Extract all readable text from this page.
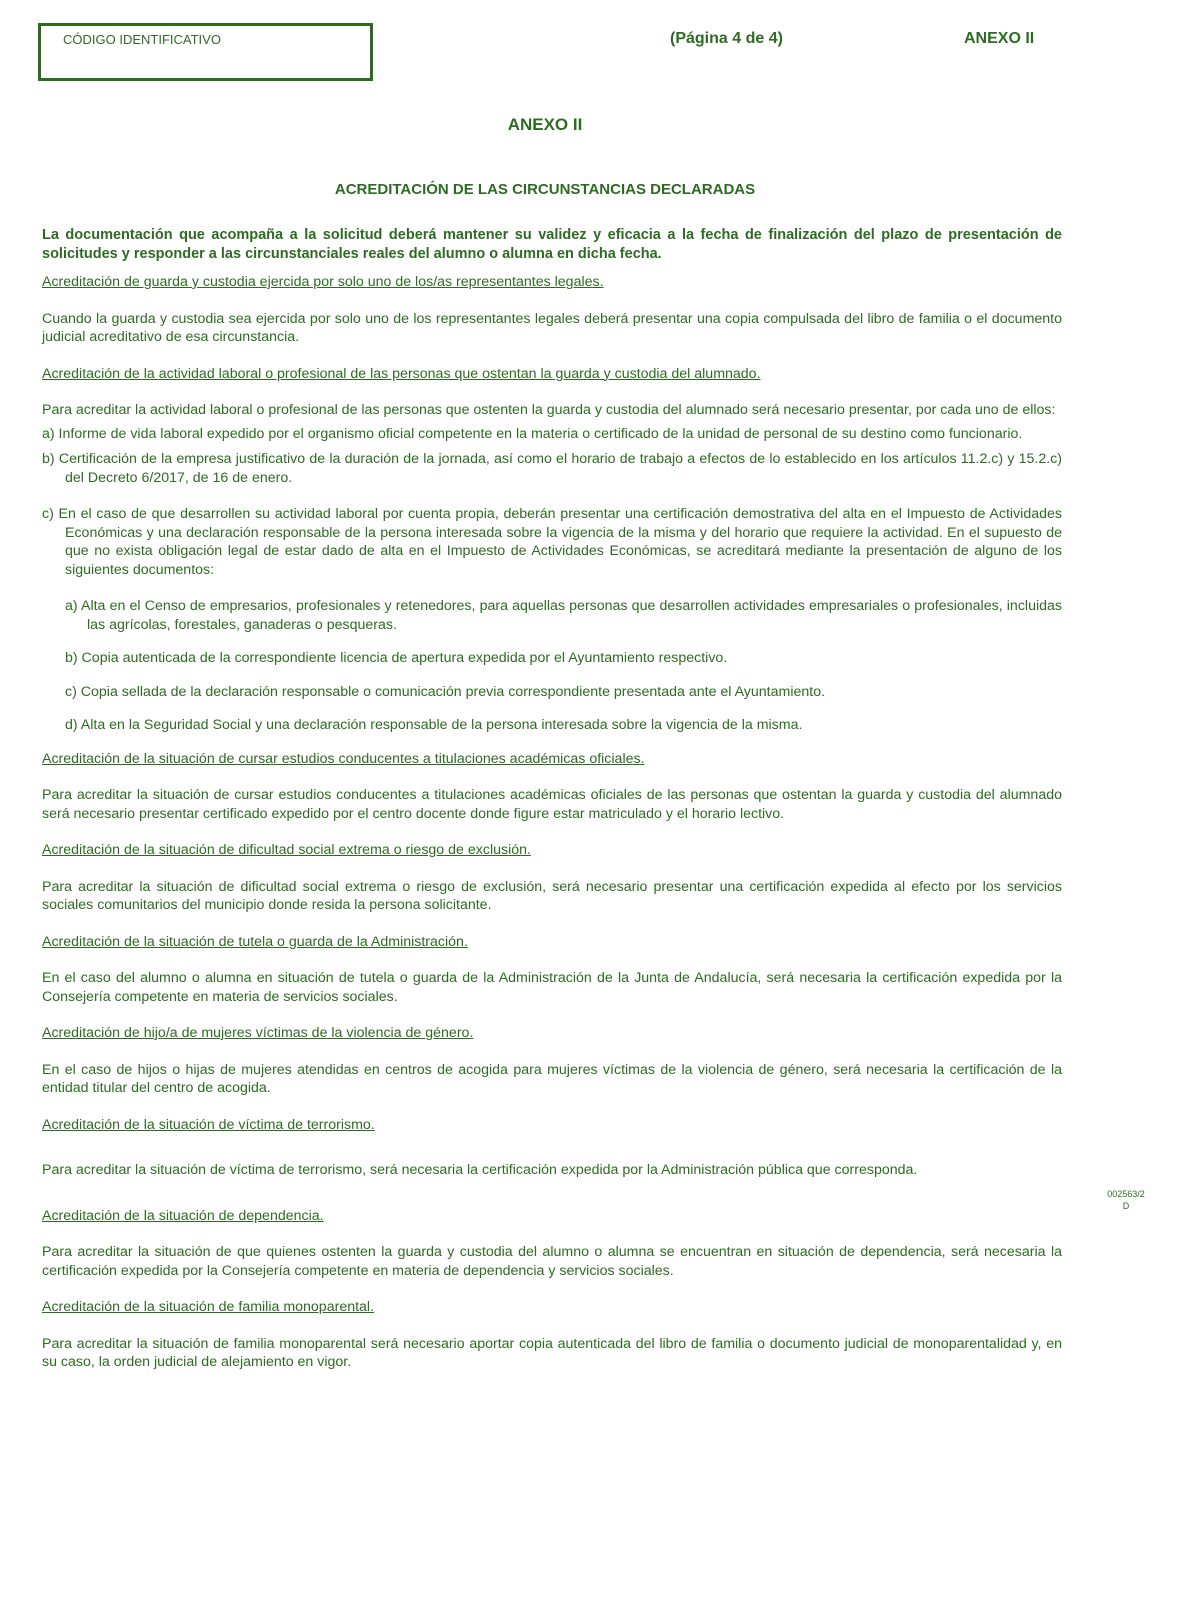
CÓDIGO IDENTIFICATIVO	(Página 4 de 4)	ANEXO II
ANEXO II
ACREDITACIÓN DE LAS CIRCUNSTANCIAS DECLARADAS

La documentación que acompaña a la solicitud deberá mantener su validez y eficacia a la fecha de finalización del plazo de presentación de solicitudes y responder a las circunstanciales reales del alumno o alumna en dicha fecha.

Acreditación de guarda y custodia ejercida por solo uno de los/as representantes legales.

Cuando la guarda y custodia sea ejercida por solo uno de los representantes legales deberá presentar una copia compulsada del libro de familia o el documento judicial acreditativo de esa circunstancia.

Acreditación de la actividad laboral o profesional de las personas que ostentan la guarda y custodia del alumnado.

Para acreditar la actividad laboral o profesional de las personas que ostenten la guarda y custodia del alumnado será necesario presentar, por cada uno de ellos:

a) Informe de vida laboral expedido por el organismo oficial competente en la materia o certificado de la unidad de personal de su destino como funcionario.

b) Certificación de la empresa justificativo de la duración de la jornada, así como el horario de trabajo a efectos de lo establecido en los artículos 11.2.c) y 15.2.c) del Decreto 6/2017, de 16 de enero.

c) En el caso de que desarrollen su actividad laboral por cuenta propia, deberán presentar una certificación demostrativa del alta en el Impuesto de Actividades Económicas y una declaración responsable de la persona interesada sobre la vigencia de la misma y del horario que requiere la actividad. En el supuesto de que no exista obligación legal de estar dado de alta en el Impuesto de Actividades Económicas, se acreditará mediante la presentación de alguno de los siguientes documentos:

a) Alta en el Censo de empresarios, profesionales y retenedores, para aquellas personas que desarrollen actividades empresariales o profesionales, incluidas las agrícolas, forestales, ganaderas o pesqueras.

b) Copia autenticada de la correspondiente licencia de apertura expedida por el Ayuntamiento respectivo.

c) Copia sellada de la declaración responsable o comunicación previa correspondiente presentada ante el Ayuntamiento.

d) Alta en la Seguridad Social y una declaración responsable de la persona interesada sobre la vigencia de la misma.

Acreditación de la situación de cursar estudios conducentes a titulaciones académicas oficiales.

Para acreditar la situación de cursar estudios conducentes a titulaciones académicas oficiales de las personas que ostentan la guarda y custodia del alumnado será necesario presentar certificado expedido por el centro docente donde figure estar matriculado y el horario lectivo.

Acreditación de la situación de dificultad social extrema o riesgo de exclusión.

Para acreditar la situación de dificultad social extrema o riesgo de exclusión, será necesario presentar una certificación expedida al efecto por los servicios sociales comunitarios del municipio donde resida la persona solicitante.

Acreditación de la situación de tutela o guarda de la Administración.

En el caso del alumno o alumna en situación de tutela o guarda de la Administración de la Junta de Andalucía, será necesaria la certificación expedida por la Consejería competente en materia de servicios sociales.

Acreditación de hijo/a de mujeres víctimas de la violencia de género.

En el caso de hijos o hijas de mujeres atendidas en centros de acogida para mujeres víctimas de la violencia de género, será necesaria la certificación de la entidad titular del centro de acogida.

Acreditación de la situación de víctima de terrorismo.

Para acreditar la situación de víctima de terrorismo, será necesaria la certificación expedida por la Administración pública que corresponda.

Acreditación de la situación de dependencia.

Para acreditar la situación de que quienes ostenten la guarda y custodia del alumno o alumna se encuentran en situación de dependencia, será necesaria la certificación expedida por la Consejería competente en materia de dependencia y servicios sociales.

Acreditación de la situación de familia monoparental.

Para acreditar la situación de familia monoparental será necesario aportar copia autenticada del libro de familia o documento judicial de monoparentalidad y, en su caso, la orden judicial de alejamiento en vigor.

002563/2
D
